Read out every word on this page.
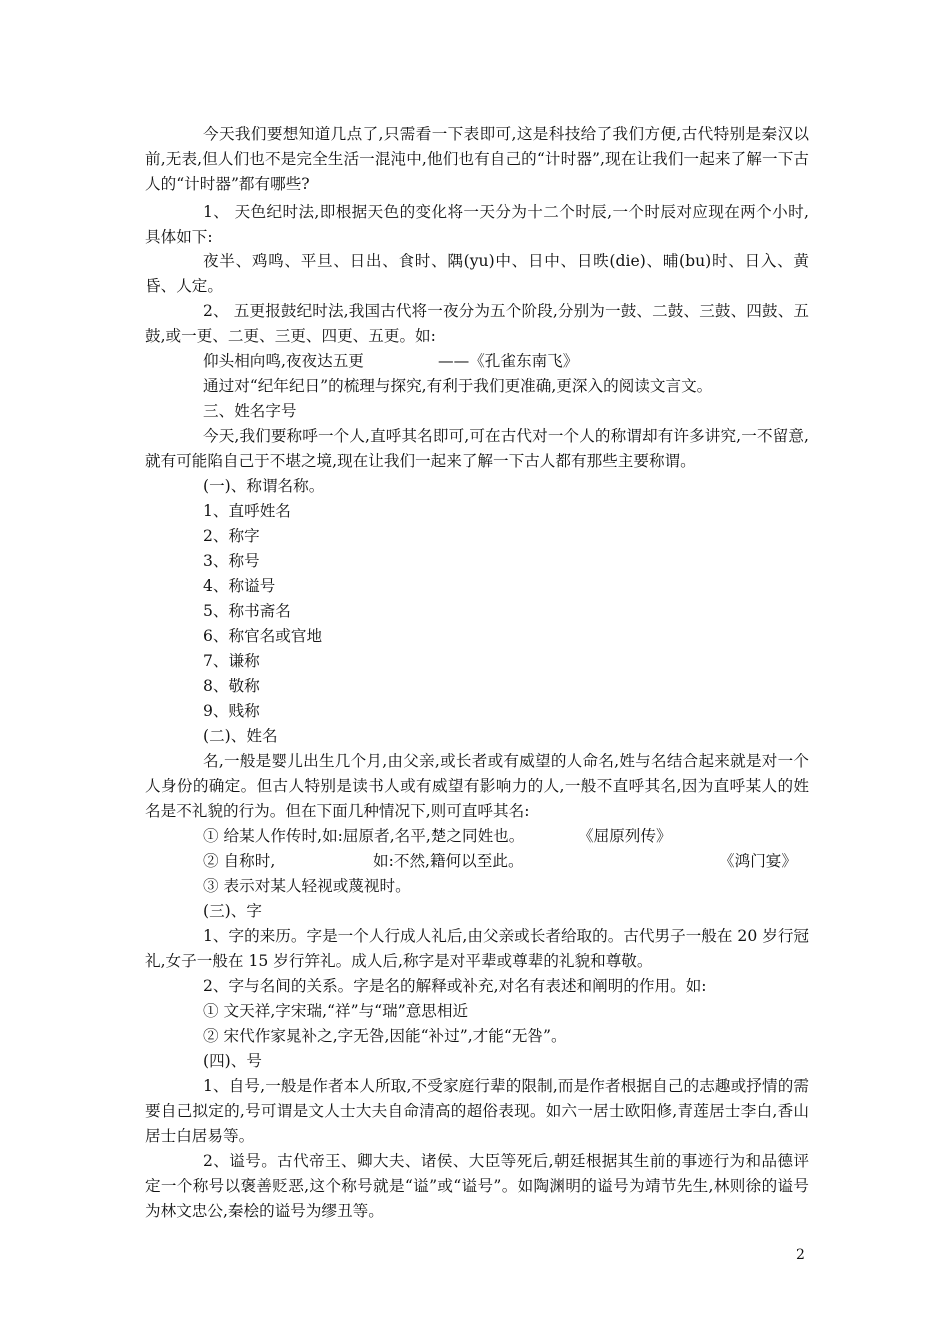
今天我们要想知道几点了,只需看一下表即可,这是科技给了我们方便,古代特别是秦汉以前,无表,但人们也不是完全生活一混沌中,他们也有自己的“计时器”,现在让我们一起来了解一下古人的“计时器”都有哪些?

1、 天色纪时法,即根据天色的变化将一天分为十二个时辰,一个时辰对应现在两个小时,具体如下:

夜半、鸡鸣、平旦、日出、食时、隅(yu)中、日中、日昳(die)、晡(bu)时、日入、黄昏、人定。

2、 五更报鼓纪时法,我国古代将一夜分为五个阶段,分别为一鼓、二鼓、三鼓、四鼓、五鼓,或一更、二更、三更、四更、五更。如:

仰头相向鸣,夜夜达五更	——《孔雀东南飞》

通过对“纪年纪日”的梳理与探究,有利于我们更准确,更深入的阅读文言文。

三、姓名字号

今天,我们要称呼一个人,直呼其名即可,可在古代对一个人的称谓却有许多讲究,一不留意,就有可能陷自己于不堪之境,现在让我们一起来了解一下古人都有那些主要称谓。

(一)、称谓名称。

1、直呼姓名

2、称字

3、称号

4、称谥号

5、称书斋名

6、称官名或官地

7、谦称

8、敬称

9、贱称

(二)、姓名

名,一般是婴儿出生几个月,由父亲,或长者或有威望的人命名,姓与名结合起来就是对一个人身份的确定。但古人特别是读书人或有威望有影响力的人,一般不直呼其名,因为直呼某人的姓名是不礼貌的行为。但在下面几种情况下,则可直呼其名:

① 给某人作传时,如:屈原者,名平,楚之同姓也。	《屈原列传》

② 自称时,	如:不然,籍何以至此。	《鸿门宴》

③ 表示对某人轻视或蔑视时。

(三)、字

1、字的来历。字是一个人行成人礼后,由父亲或长者给取的。古代男子一般在 20 岁行冠礼,女子一般在 15 岁行笄礼。成人后,称字是对平辈或尊辈的礼貌和尊敬。

2、字与名间的关系。字是名的解释或补充,对名有表述和阐明的作用。如:

① 文天祥,字宋瑞,“祥”与“瑞”意思相近

② 宋代作家晁补之,字无咎,因能“补过”,才能“无咎”。

(四)、号

1、自号,一般是作者本人所取,不受家庭行辈的限制,而是作者根据自己的志趣或抒情的需要自己拟定的,号可谓是文人士大夫自命清高的超俗表现。如六一居士欧阳修,青莲居士李白,香山居士白居易等。

2、谥号。古代帝王、卿大夫、诸侯、大臣等死后,朝廷根据其生前的事迹行为和品德评定一个称号以褒善贬恶,这个称号就是“谥”或“谥号”。如陶渊明的谥号为靖节先生,林则徐的谥号为林文忠公,秦桧的谥号为缪丑等。

2
